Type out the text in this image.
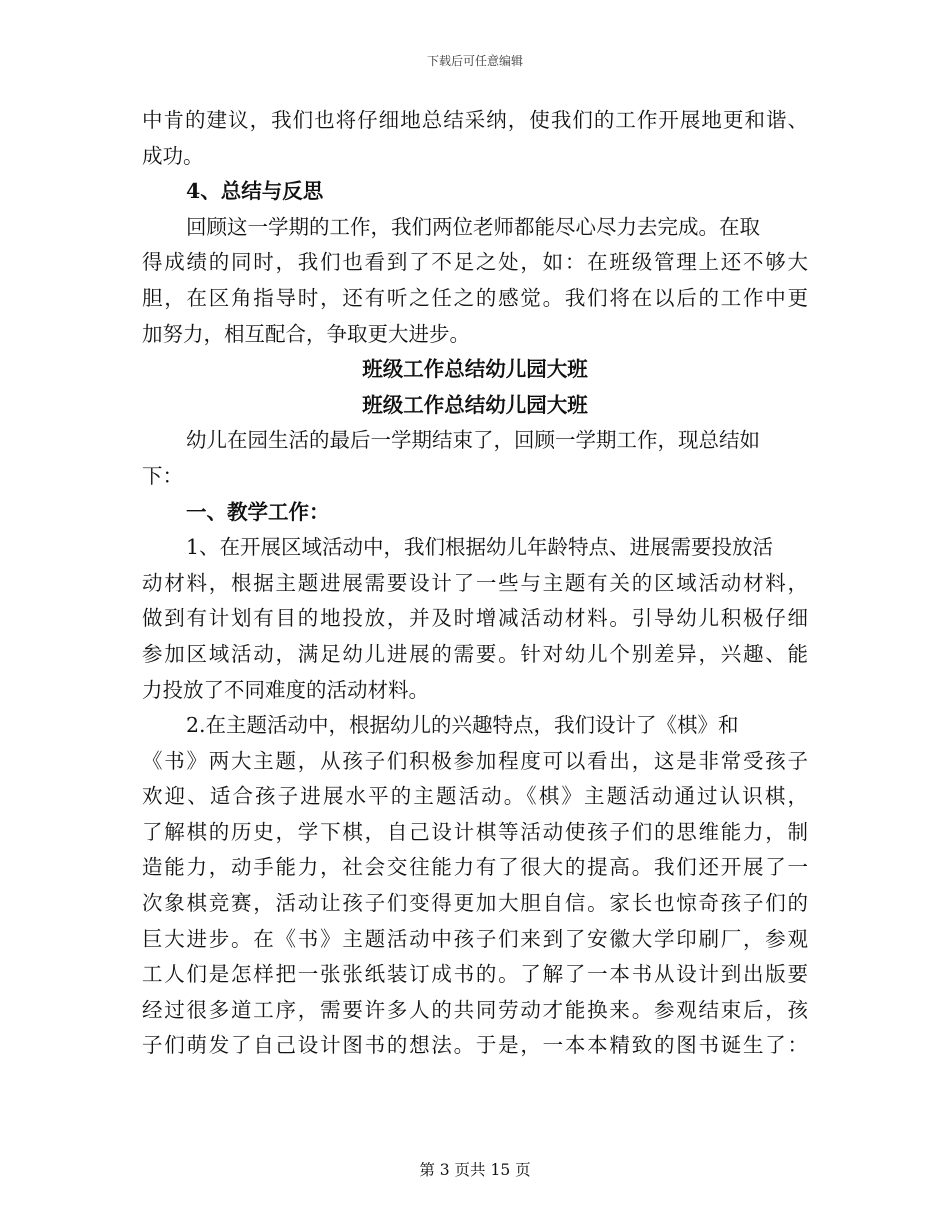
下载后可任意编辑
中肯的建议，我们也将仔细地总结采纳，使我们的工作开展地更和谐、
成功。
4、总结与反思
回顾这一学期的工作，我们两位老师都能尽心尽力去完成。在取
得成绩的同时，我们也看到了不足之处，如：在班级管理上还不够大
胆，在区角指导时，还有听之任之的感觉。我们将在以后的工作中更
加努力，相互配合，争取更大进步。
班级工作总结幼儿园大班
班级工作总结幼儿园大班
幼儿在园生活的最后一学期结束了，回顾一学期工作，现总结如
下：
一、教学工作：
1、在开展区域活动中，我们根据幼儿年龄特点、进展需要投放活
动材料，根据主题进展需要设计了一些与主题有关的区域活动材料，
做到有计划有目的地投放，并及时增减活动材料。引导幼儿积极仔细
参加区域活动，满足幼儿进展的需要。针对幼儿个别差异，兴趣、能
力投放了不同难度的活动材料。
2.在主题活动中，根据幼儿的兴趣特点，我们设计了《棋》和
《书》两大主题，从孩子们积极参加程度可以看出，这是非常受孩子
欢迎、适合孩子进展水平的主题活动。《棋》主题活动通过认识棋，
了解棋的历史，学下棋，自己设计棋等活动使孩子们的思维能力，制
造能力，动手能力，社会交往能力有了很大的提高。我们还开展了一
次象棋竞赛，活动让孩子们变得更加大胆自信。家长也惊奇孩子们的
巨大进步。在《书》主题活动中孩子们来到了安徽大学印刷厂，参观
工人们是怎样把一张张纸装订成书的。了解了一本书从设计到出版要
经过很多道工序，需要许多人的共同劳动才能换来。参观结束后，孩
子们萌发了自己设计图书的想法。于是，一本本精致的图书诞生了：
第 3 页共 15 页
